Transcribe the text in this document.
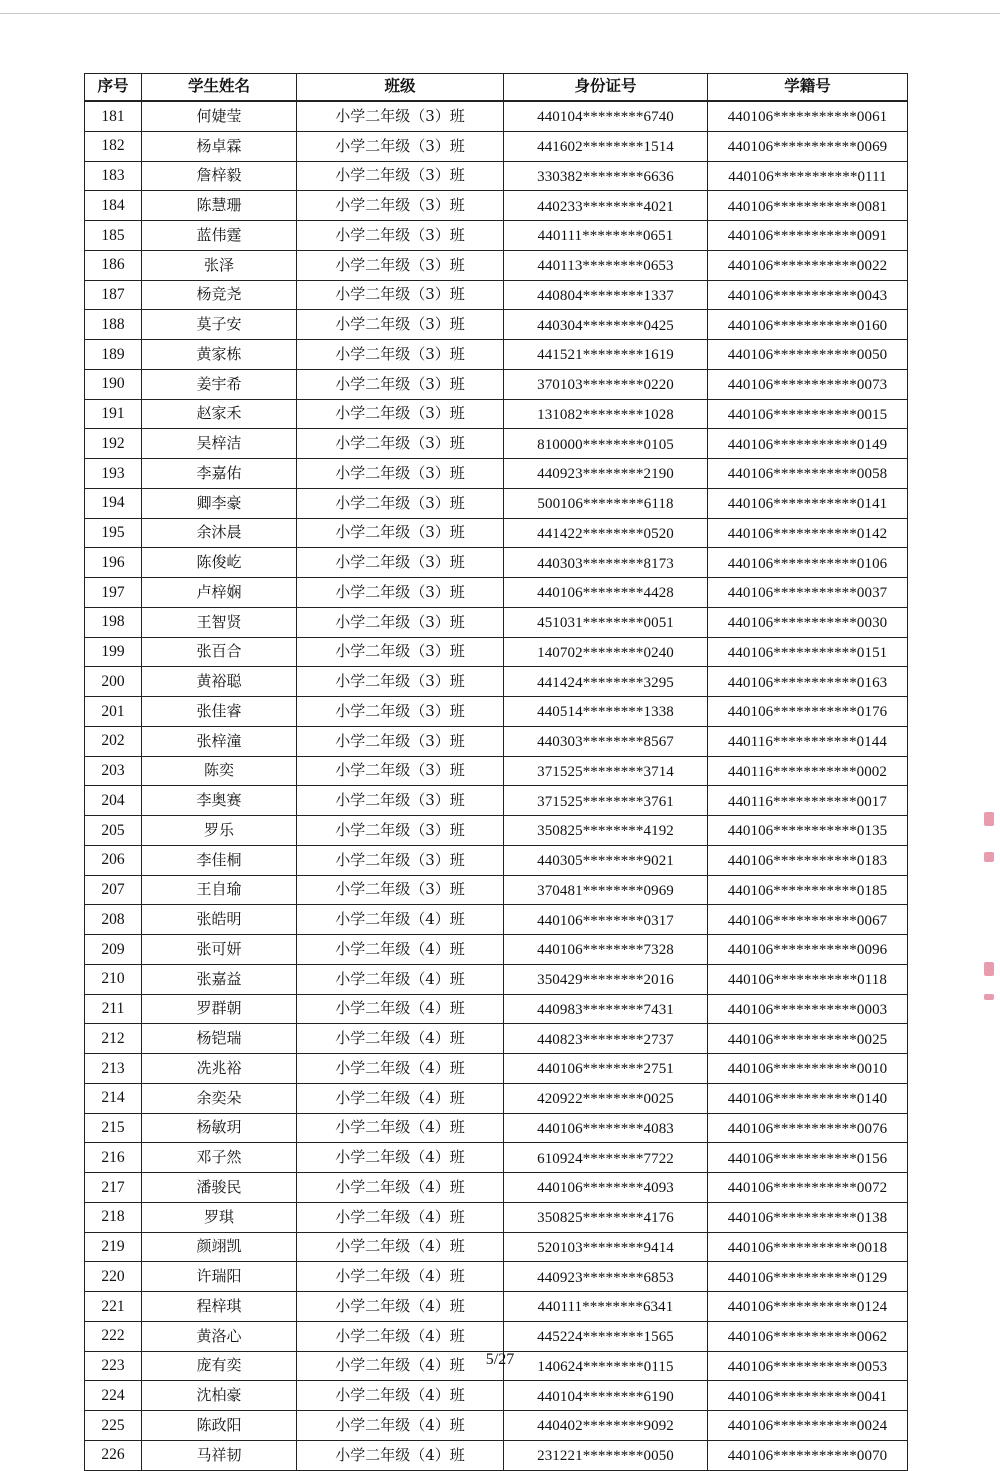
序号	学生姓名	班级	身份证号	学籍号
181	何婕莹	小学二年级（3）班	440104********6740	440106***********0061
182	杨卓霖	小学二年级（3）班	441602********1514	440106***********0069
183	詹梓毅	小学二年级（3）班	330382********6636	440106***********0111
184	陈慧珊	小学二年级（3）班	440233********4021	440106***********0081
185	蓝伟霆	小学二年级（3）班	440111********0651	440106***********0091
186	张泽	小学二年级（3）班	440113********0653	440106***********0022
187	杨竞尧	小学二年级（3）班	440804********1337	440106***********0043
188	莫子安	小学二年级（3）班	440304********0425	440106***********0160
189	黄家栋	小学二年级（3）班	441521********1619	440106***********0050
190	姜宇希	小学二年级（3）班	370103********0220	440106***********0073
191	赵家禾	小学二年级（3）班	131082********1028	440106***********0015
192	吴梓洁	小学二年级（3）班	810000********0105	440106***********0149
193	李嘉佑	小学二年级（3）班	440923********2190	440106***********0058
194	卿李豪	小学二年级（3）班	500106********6118	440106***********0141
195	余沐晨	小学二年级（3）班	441422********0520	440106***********0142
196	陈俊屹	小学二年级（3）班	440303********8173	440106***********0106
197	卢梓娴	小学二年级（3）班	440106********4428	440106***********0037
198	王智贤	小学二年级（3）班	451031********0051	440106***********0030
199	张百合	小学二年级（3）班	140702********0240	440106***********0151
200	黄裕聪	小学二年级（3）班	441424********3295	440106***********0163
201	张佳睿	小学二年级（3）班	440514********1338	440106***********0176
202	张梓潼	小学二年级（3）班	440303********8567	440116***********0144
203	陈奕	小学二年级（3）班	371525********3714	440116***********0002
204	李奥赛	小学二年级（3）班	371525********3761	440116***********0017
205	罗乐	小学二年级（3）班	350825********4192	440106***********0135
206	李佳桐	小学二年级（3）班	440305********9021	440106***********0183
207	王自瑜	小学二年级（3）班	370481********0969	440106***********0185
208	张皓明	小学二年级（4）班	440106********0317	440106***********0067
209	张可妍	小学二年级（4）班	440106********7328	440106***********0096
210	张嘉益	小学二年级（4）班	350429********2016	440106***********0118
211	罗群朝	小学二年级（4）班	440983********7431	440106***********0003
212	杨铠瑞	小学二年级（4）班	440823********2737	440106***********0025
213	冼兆裕	小学二年级（4）班	440106********2751	440106***********0010
214	余奕朵	小学二年级（4）班	420922********0025	440106***********0140
215	杨敏玥	小学二年级（4）班	440106********4083	440106***********0076
216	邓子然	小学二年级（4）班	610924********7722	440106***********0156
217	潘骏民	小学二年级（4）班	440106********4093	440106***********0072
218	罗琪	小学二年级（4）班	350825********4176	440106***********0138
219	颜翊凯	小学二年级（4）班	520103********9414	440106***********0018
220	许瑞阳	小学二年级（4）班	440923********6853	440106***********0129
221	程梓琪	小学二年级（4）班	440111********6341	440106***********0124
222	黄洛心	小学二年级（4）班	445224********1565	440106***********0062
223	庞有奕	小学二年级（4）班	140624********0115	440106***********0053
224	沈柏豪	小学二年级（4）班	440104********6190	440106***********0041
225	陈政阳	小学二年级（4）班	440402********9092	440106***********0024
226	马祥韧	小学二年级（4）班	231221********0050	440106***********0070
5/27
